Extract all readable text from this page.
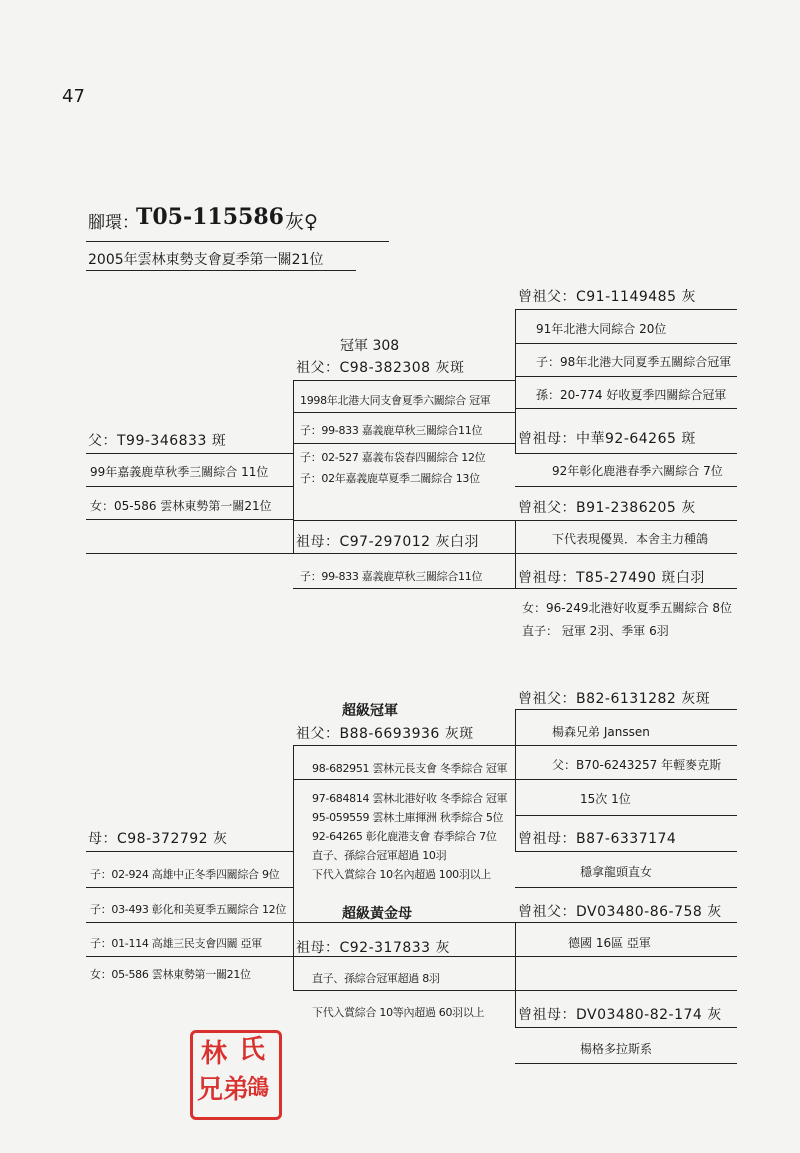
47
腳環：
T05-115586 灰♀
2005年雲林東勢支會夏季第一關21位
父：T99-346833 斑
99年嘉義鹿草秋季三關綜合 11位
女：05-586 雲林東勢第一關21位
冠軍 308
祖父：C98-382308 灰斑
1998年北港大同支會夏季六關綜合 冠軍
子：99-833 嘉義鹿草秋三關綜合11位
子：02-527 嘉義布袋春四關綜合 12位
子：02年嘉義鹿草夏季二關綜合 13位
祖母：C97-297012 灰白羽
子：99-833 嘉義鹿草秋三關綜合11位
曾祖父：C91-1149485 灰
91年北港大同綜合 20位
子：98年北港大同夏季五關綜合冠軍
孫：20-774 好收夏季四關綜合冠軍
曾祖母：中華92-64265 斑
92年彰化鹿港春季六關綜合 7位
曾祖父：B91-2386205 灰
下代表現優異．本舍主力種鴿
曾祖母：T85-27490 斑白羽
女：96-249北港好收夏季五關綜合 8位
直子： 冠軍 2羽、季軍 6羽
母：C98-372792 灰
子：02-924 高雄中正冬季四關綜合 9位
子：03-493 彰化和美夏季五關綜合 12位
子：01-114 高雄三民支會四關 亞軍
女：05-586 雲林東勢第一關21位
超級冠軍
祖父：B88-6693936 灰斑
98-682951 雲林元長支會 冬季綜合 冠軍
97-684814 雲林北港好收 冬季綜合 冠軍
95-059559 雲林土庫揮洲 秋季綜合 5位
92-64265 彰化鹿港支會 春季綜合 7位
直子、孫綜合冠軍超過 10羽
下代入賞綜合 10名內超過 100羽以上
超級黃金母
祖母：C92-317833 灰
直子、孫綜合冠軍超過 8羽
下代入賞綜合 10等內超過 60羽以上
曾祖父：B82-6131282 灰斑
楊森兄弟 Janssen
父：B70-6243257 年輕麥克斯
15次 1位
曾祖母：B87-6337174
穩拿龍頭直女
曾祖父：DV03480-86-758 灰
德國 16區 亞軍
曾祖母：DV03480-82-174 灰
楊格多拉斯系
林 氏
兄弟
鴿
